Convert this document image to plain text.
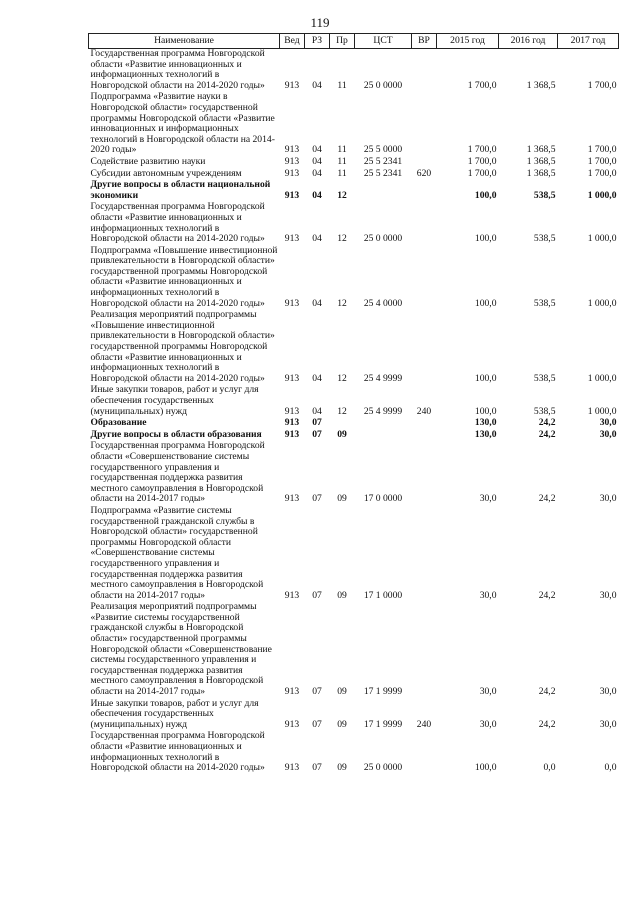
119
Наименование	Вед	РЗ	Пр	ЦСТ	ВР	2015 год	2016 год	2017 год
Государственная программа Новгородской области «Развитие инновационных и информационных технологий в Новгородской области на 2014-2020 годы»	913	04	11	25 0 0000		1 700,0	1 368,5	1 700,0
Подпрограмма «Развитие науки в Новгородской области» государственной программы Новгородской области «Развитие инновационных и информационных технологий в Новгородской области на 2014-2020 годы»	913	04	11	25 5 0000		1 700,0	1 368,5	1 700,0
Содействие развитию науки	913	04	11	25 5 2341		1 700,0	1 368,5	1 700,0
Субсидии автономным учреждениям	913	04	11	25 5 2341	620	1 700,0	1 368,5	1 700,0
Другие вопросы в области национальной экономики	913	04	12			100,0	538,5	1 000,0
Государственная программа Новгородской области «Развитие инновационных и информационных технологий в Новгородской области на 2014-2020 годы»	913	04	12	25 0 0000		100,0	538,5	1 000,0
Подпрограмма «Повышение инвестиционной привлекательности в Новгородской области» государственной программы Новгородской области «Развитие инновационных и информационных технологий в Новгородской области на 2014-2020 годы»	913	04	12	25 4 0000		100,0	538,5	1 000,0
Реализация мероприятий подпрограммы «Повышение инвестиционной привлекательности в Новгородской области» государственной программы Новгородской области «Развитие инновационных и информационных технологий в Новгородской области на 2014-2020 годы»	913	04	12	25 4 9999		100,0	538,5	1 000,0
Иные закупки товаров, работ и услуг для обеспечения государственных (муниципальных) нужд	913	04	12	25 4 9999	240	100,0	538,5	1 000,0
Образование	913	07				130,0	24,2	30,0
Другие вопросы в области образования	913	07	09			130,0	24,2	30,0
Государственная программа Новгородской области «Совершенствование системы государственного управления и государственная поддержка развития местного самоуправления в Новгородской области на 2014-2017 годы»	913	07	09	17 0 0000		30,0	24,2	30,0
Подпрограмма «Развитие системы государственной гражданской службы в Новгородской области» государственной программы Новгородской области «Совершенствование системы государственного управления и государственная поддержка развития местного самоуправления в Новгородской области на 2014-2017 годы»	913	07	09	17 1 0000		30,0	24,2	30,0
Реализация мероприятий подпрограммы «Развитие системы государственной гражданской службы в Новгородской области» государственной программы Новгородской области «Совершенствование системы государственного управления и государственная поддержка развития местного самоуправления в Новгородской области на 2014-2017 годы»	913	07	09	17 1 9999		30,0	24,2	30,0
Иные закупки товаров, работ и услуг для обеспечения государственных (муниципальных) нужд	913	07	09	17 1 9999	240	30,0	24,2	30,0
Государственная программа Новгородской области «Развитие инновационных и информационных технологий в Новгородской области на 2014-2020 годы»	913	07	09	25 0 0000		100,0	0,0	0,0
